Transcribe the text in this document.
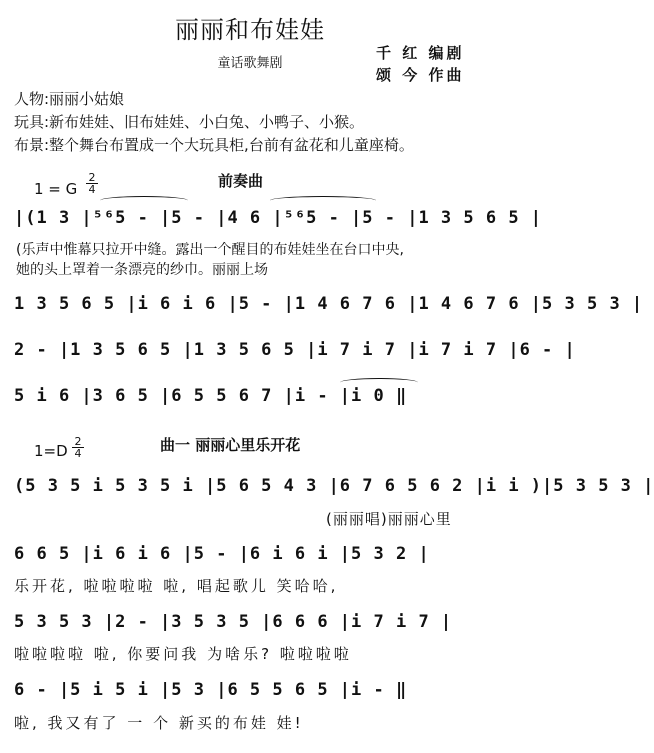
丽丽和布娃娃
童话歌舞剧
千 红 编剧
颂 今 作曲
人物:丽丽小姑娘
玩具:新布娃娃、旧布娃娃、小白兔、小鸭子、小猴。
布景:整个舞台布置成一个大玩具柜,台前有盆花和儿童座椅。
1 = G
2
4	前奏曲
|(1 3 |⁵⁶5 - |5 - |4 6 |⁵⁶5 - |5 - |1 3 5 6 5 |
(乐声中惟幕只拉开中缝。露出一个醒目的布娃娃坐在台口中央,
她的头上罩着一条漂亮的纱巾。丽丽上场
1 3 5 6 5 |i 6 i 6 |5 - |1 4 6 7 6 |1 4 6 7 6 |5 3 5 3 |
2 - |1 3 5 6 5 |1 3 5 6 5 |i 7 i 7 |i 7 i 7 |6 - |
5 i 6 |3 6 5 |6 5 5 6 7 |i - |i 0 ‖
1=D
2
4	曲一 丽丽心里乐开花
(5 3 5 i 5 3 5 i |5 6 5 4 3 |6 7 6 5 6 2 |i i )|5 3 5 3 |
(丽丽唱)丽丽心里
6 6 5 |i 6 i 6 |5 - |6 i 6 i |5 3 2 |
乐开花, 啦啦啦啦 啦, 唱起歌儿 笑哈哈,
5 3 5 3 |2 - |3 5 3 5 |6 6 6 |i 7 i 7 |
啦啦啦啦 啦, 你要问我 为啥乐? 啦啦啦啦
6 - |5 i 5 i |5 3 |6 5 5 6 5 |i - ‖
啦, 我又有了 一 个 新买的布娃 娃!
